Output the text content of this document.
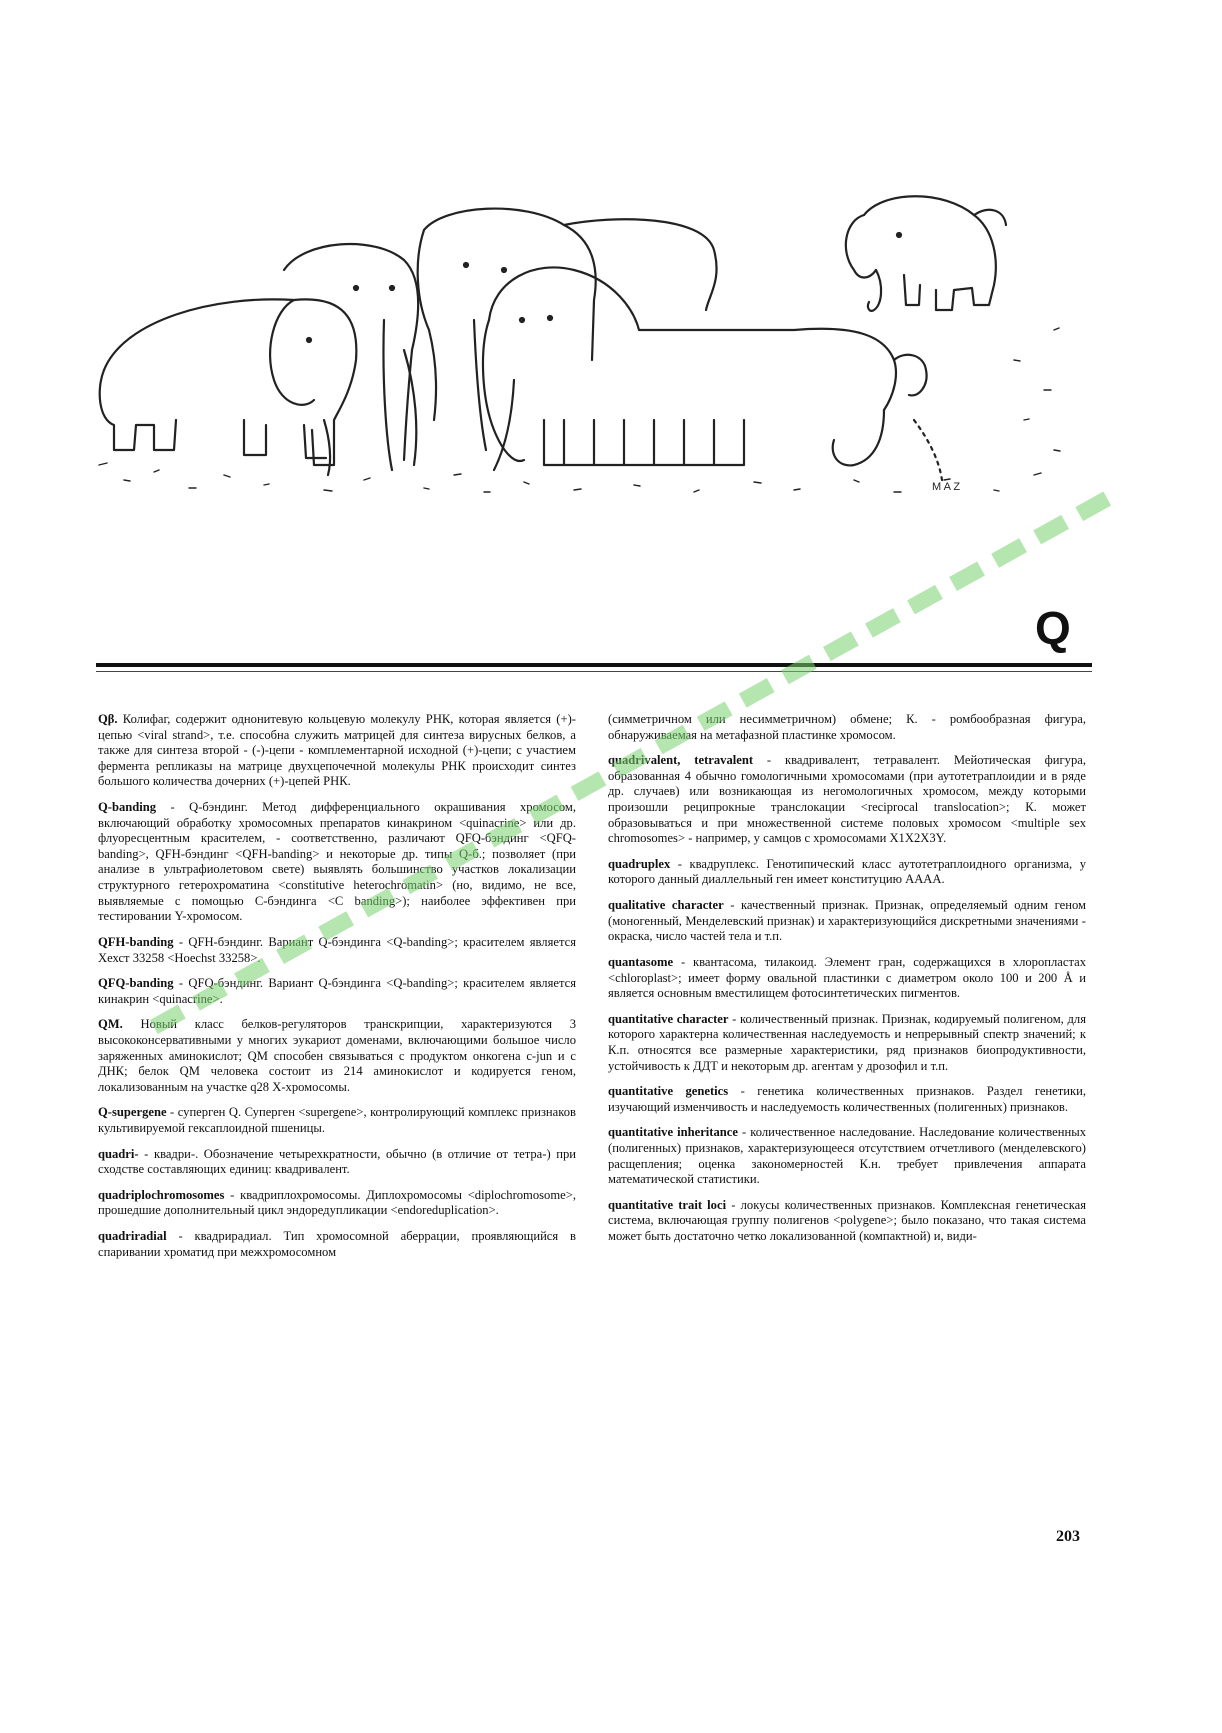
M A Z
Q

Qβ. Колифаг, содержит однонитевую кольцевую молекулу РНК, которая является (+)-цепью <viral strand>, т.е. способна служить матрицей для синтеза вирусных белков, а также для синтеза второй - (-)-цепи - комплементарной исходной (+)-цепи; с участием фермента репликазы на матрице двухцепочечной молекулы РНК происходит синтез большого количества дочерних (+)-цепей РНК.

Q-banding - Q-бэндинг. Метод дифференциального окрашивания хромосом, включающий обработку хромосомных препаратов кинакрином <quinacrine> или др. флуоресцентным красителем, - соответственно, различают QFQ-бэндинг <QFQ-banding>, QFH-бэндинг <QFH-banding> и некоторые др. типы Q-б.; позволяет (при анализе в ультрафиолетовом свете) выявлять большинство участков локализации структурного гетерохроматина <constitutive heterochromatin> (но, видимо, не все, выявляемые с помощью С-бэндинга <C banding>); наиболее эффективен при тестировании Y-хромосом.

QFH-banding - QFH-бэндинг. Вариант Q-бэндинга <Q-banding>; красителем является Хехст 33258 <Hoechst 33258>.

QFQ-banding - QFQ-бэндинг. Вариант Q-бэндинга <Q-banding>; красителем является кинакрин <quinacrine>.

QM. Новый класс белков-регуляторов транскрипции, характеризуются 3 высококонсервативными у многих эукариот доменами, включающими большое число заряженных аминокислот; QM способен связываться с продуктом онкогена c-jun и с ДНК; белок QM человека состоит из 214 аминокислот и кодируется геном, локализованным на участке q28 Х-хромосомы.

Q-supergene - суперген Q. Суперген <supergene>, контролирующий комплекс признаков культивируемой гексаплоидной пшеницы.

quadri- - квадри-. Обозначение четырехкратности, обычно (в отличие от тетра-) при сходстве составляющих единиц: квадривалент.

quadriplochromosomes - квадриплохромосомы. Диплохромосомы <diplochromosome>, прошедшие дополнительный цикл эндоредупликации <endoreduplication>.

quadriradial - квадрирадиал. Тип хромосомной аберрации, проявляющийся в спаривании хроматид при межхромосомном

(симметричном или несимметричном) обмене; К. - ромбообразная фигура, обнаруживаемая на метафазной пластинке хромосом.

quadrivalent, tetravalent - квадривалент, тетравалент. Мейотическая фигура, образованная 4 обычно гомологичными хромосомами (при аутотетраплоидии и в ряде др. случаев) или возникающая из негомологичных хромосом, между которыми произошли реципрокные транслокации <reciprocal translocation>; К. может образовываться и при множественной системе половых хромосом <multiple sex chromosomes> - например, у самцов с хромосомами X1X2X3Y.

quadruplex - квадруплекс. Генотипический класс аутотетраплоидного организма, у которого данный диаллельный ген имеет конституцию АААА.

qualitative character - качественный признак. Признак, определяемый одним геном (моногенный, Менделевский признак) и характеризующийся дискретными значениями - окраска, число частей тела и т.п.

quantasome - квантасома, тилакоид. Элемент гран, содержащихся в хлоропластах <chloroplast>; имеет форму овальной пластинки с диаметром около 100 и 200 Å и является основным вместилищем фотосинтетических пигментов.

quantitative character - количественный признак. Признак, кодируемый полигеном, для которого характерна количественная наследуемость и непрерывный спектр значений; к К.п. относятся все размерные характеристики, ряд признаков биопродуктивности, устойчивость к ДДТ и некоторым др. агентам у дрозофил и т.п.

quantitative genetics - генетика количественных признаков. Раздел генетики, изучающий изменчивость и наследуемость количественных (полигенных) признаков.

quantitative inheritance - количественное наследование. Наследование количественных (полигенных) признаков, характеризующееся отсутствием отчетливого (менделевского) расщепления; оценка закономерностей К.н. требует привлечения аппарата математической статистики.

quantitative trait loci - локусы количественных признаков. Комплексная генетическая система, включающая группу полигенов <polygene>; было показано, что такая система может быть достаточно четко локализованной (компактной) и, види-

203
